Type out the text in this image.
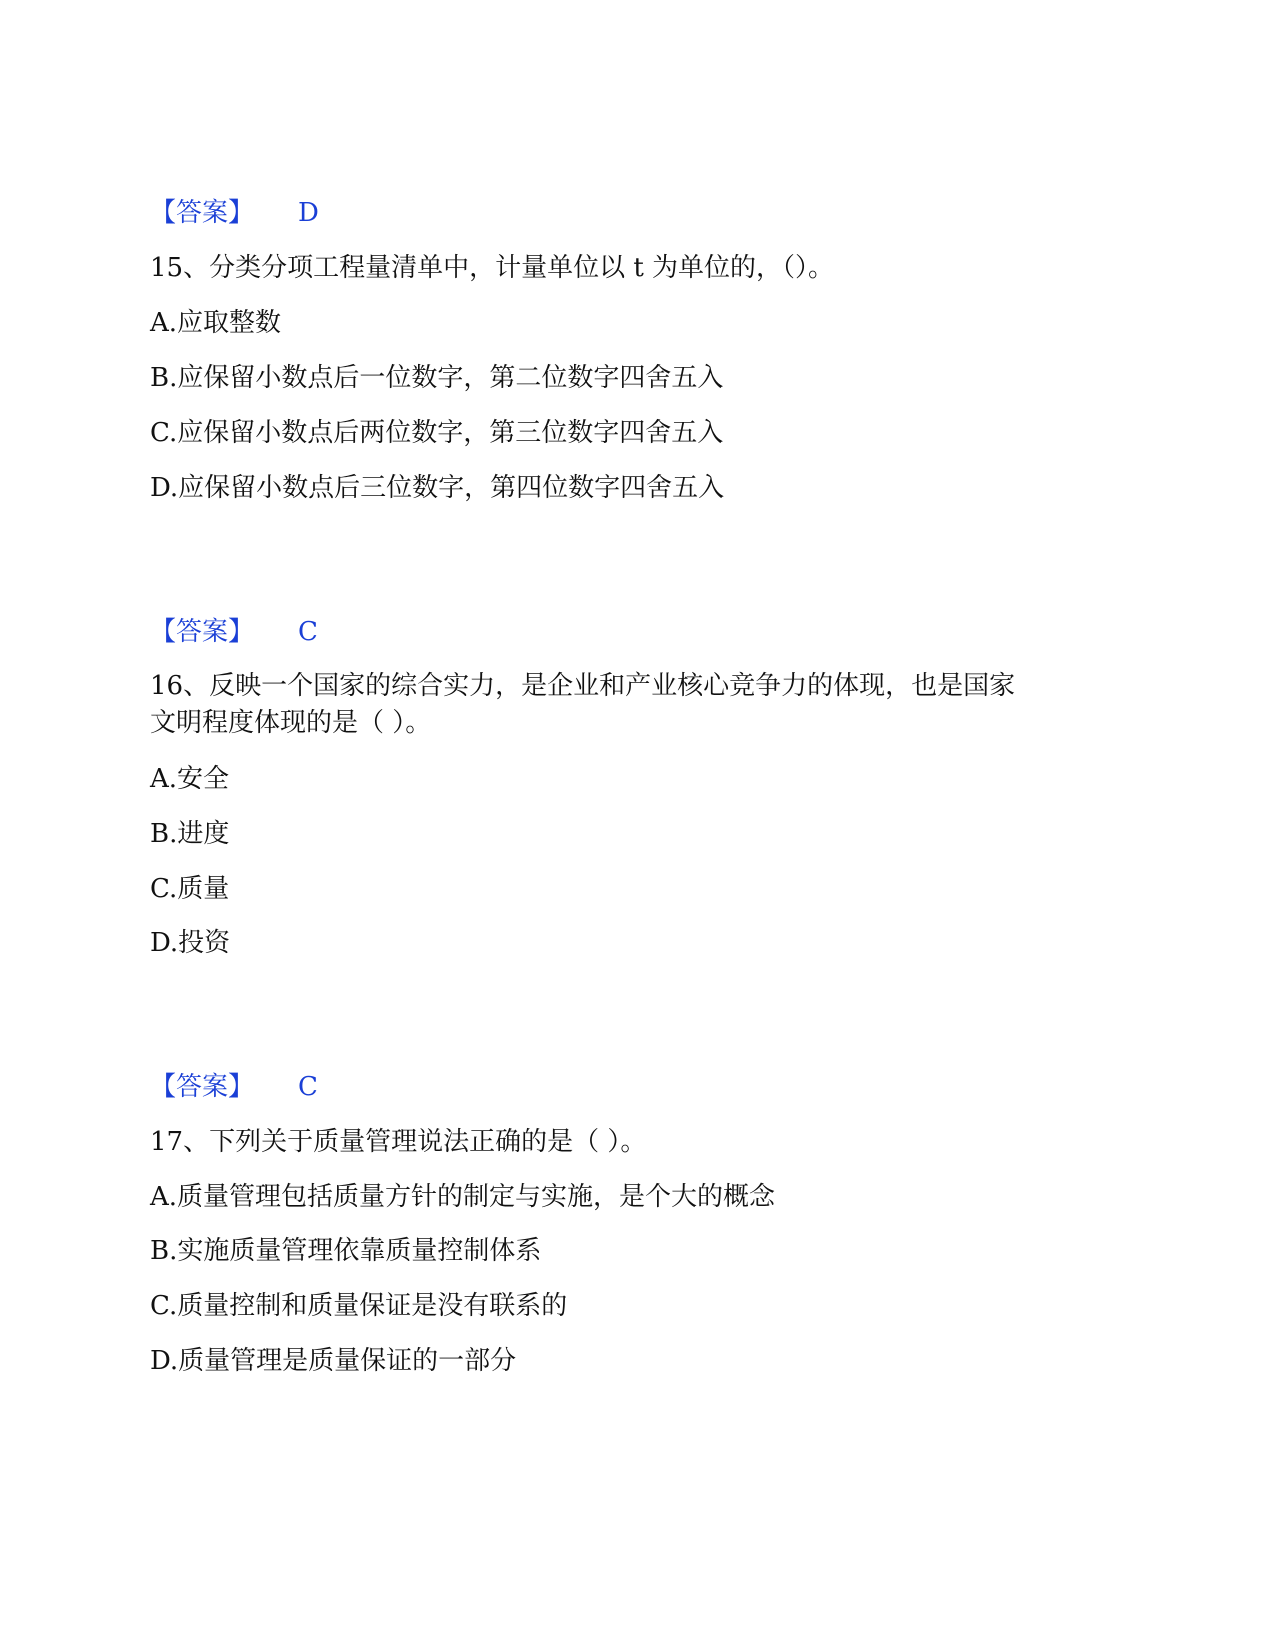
【答案】 D
15、分类分项工程量清单中，计量单位以 t 为单位的，（）。
A.应取整数
B.应保留小数点后一位数字，第二位数字四舍五入
C.应保留小数点后两位数字，第三位数字四舍五入
D.应保留小数点后三位数字，第四位数字四舍五入
【答案】 C
16、反映一个国家的综合实力，是企业和产业核心竞争力的体现，也是国家
文明程度体现的是（ ）。
A.安全
B.进度
C.质量
D.投资
【答案】 C
17、下列关于质量管理说法正确的是（ ）。
A.质量管理包括质量方针的制定与实施，是个大的概念
B.实施质量管理依靠质量控制体系
C.质量控制和质量保证是没有联系的
D.质量管理是质量保证的一部分
